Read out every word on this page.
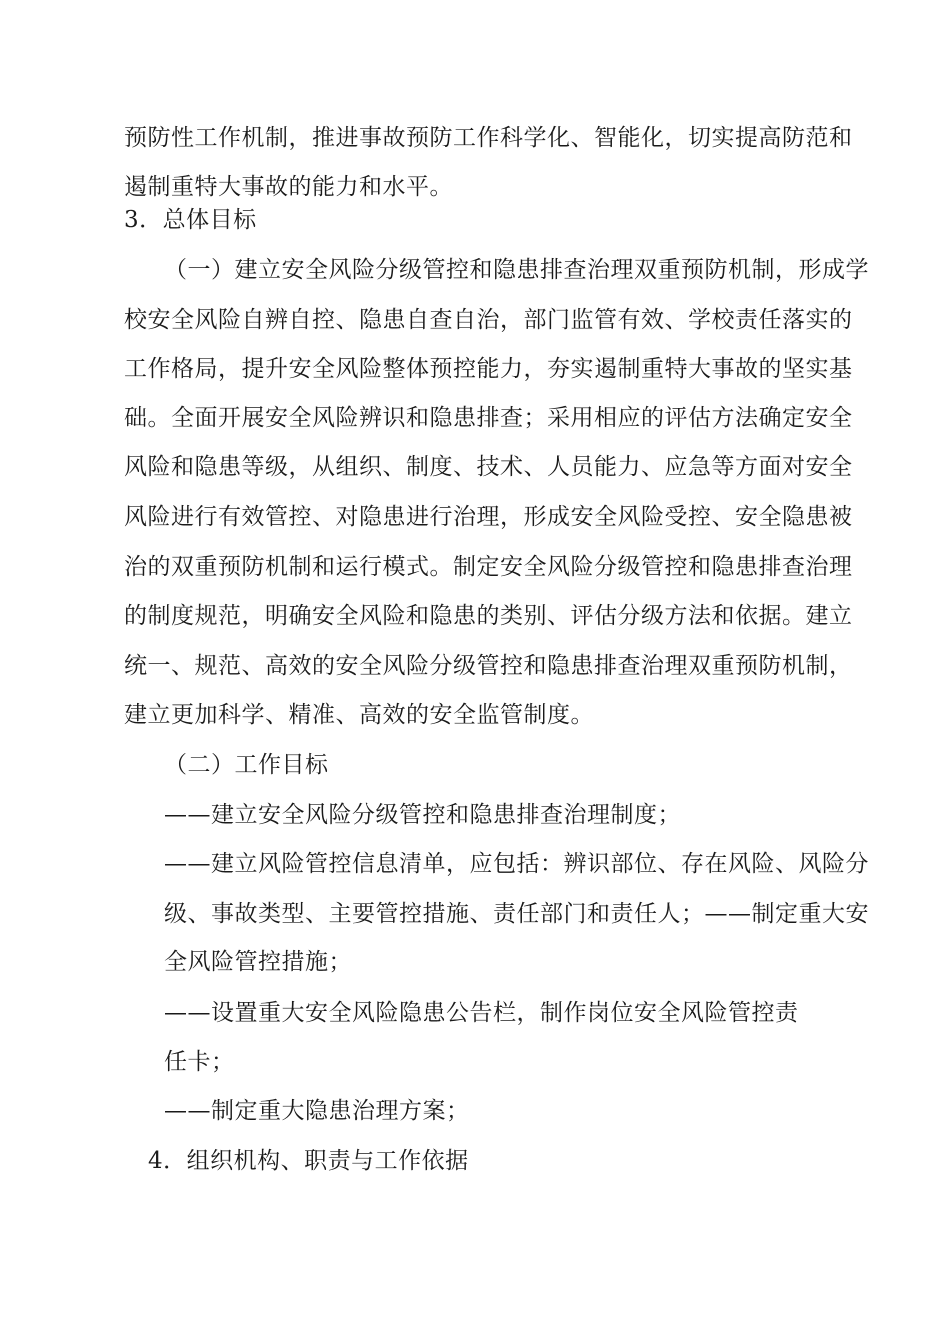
预防性工作机制，推进事故预防工作科学化、智能化，切实提高防范和
遏制重特大事故的能力和水平。
3．总体目标
（一）建立安全风险分级管控和隐患排查治理双重预防机制，形成学
校安全风险自辨自控、隐患自查自治，部门监管有效、学校责任落实的
工作格局，提升安全风险整体预控能力，夯实遏制重特大事故的坚实基
础。全面开展安全风险辨识和隐患排查；采用相应的评估方法确定安全
风险和隐患等级，从组织、制度、技术、人员能力、应急等方面对安全
风险进行有效管控、对隐患进行治理，形成安全风险受控、安全隐患被
治的双重预防机制和运行模式。制定安全风险分级管控和隐患排查治理
的制度规范，明确安全风险和隐患的类别、评估分级方法和依据。建立
统一、规范、高效的安全风险分级管控和隐患排查治理双重预防机制，
建立更加科学、精准、高效的安全监管制度。
（二）工作目标
——建立安全风险分级管控和隐患排查治理制度；
——建立风险管控信息清单，应包括：辨识部位、存在风险、风险分
级、事故类型、主要管控措施、责任部门和责任人；——制定重大安
全风险管控措施；
——设置重大安全风险隐患公告栏，制作岗位安全风险管控责
任卡；
——制定重大隐患治理方案；
4．组织机构、职责与工作依据
